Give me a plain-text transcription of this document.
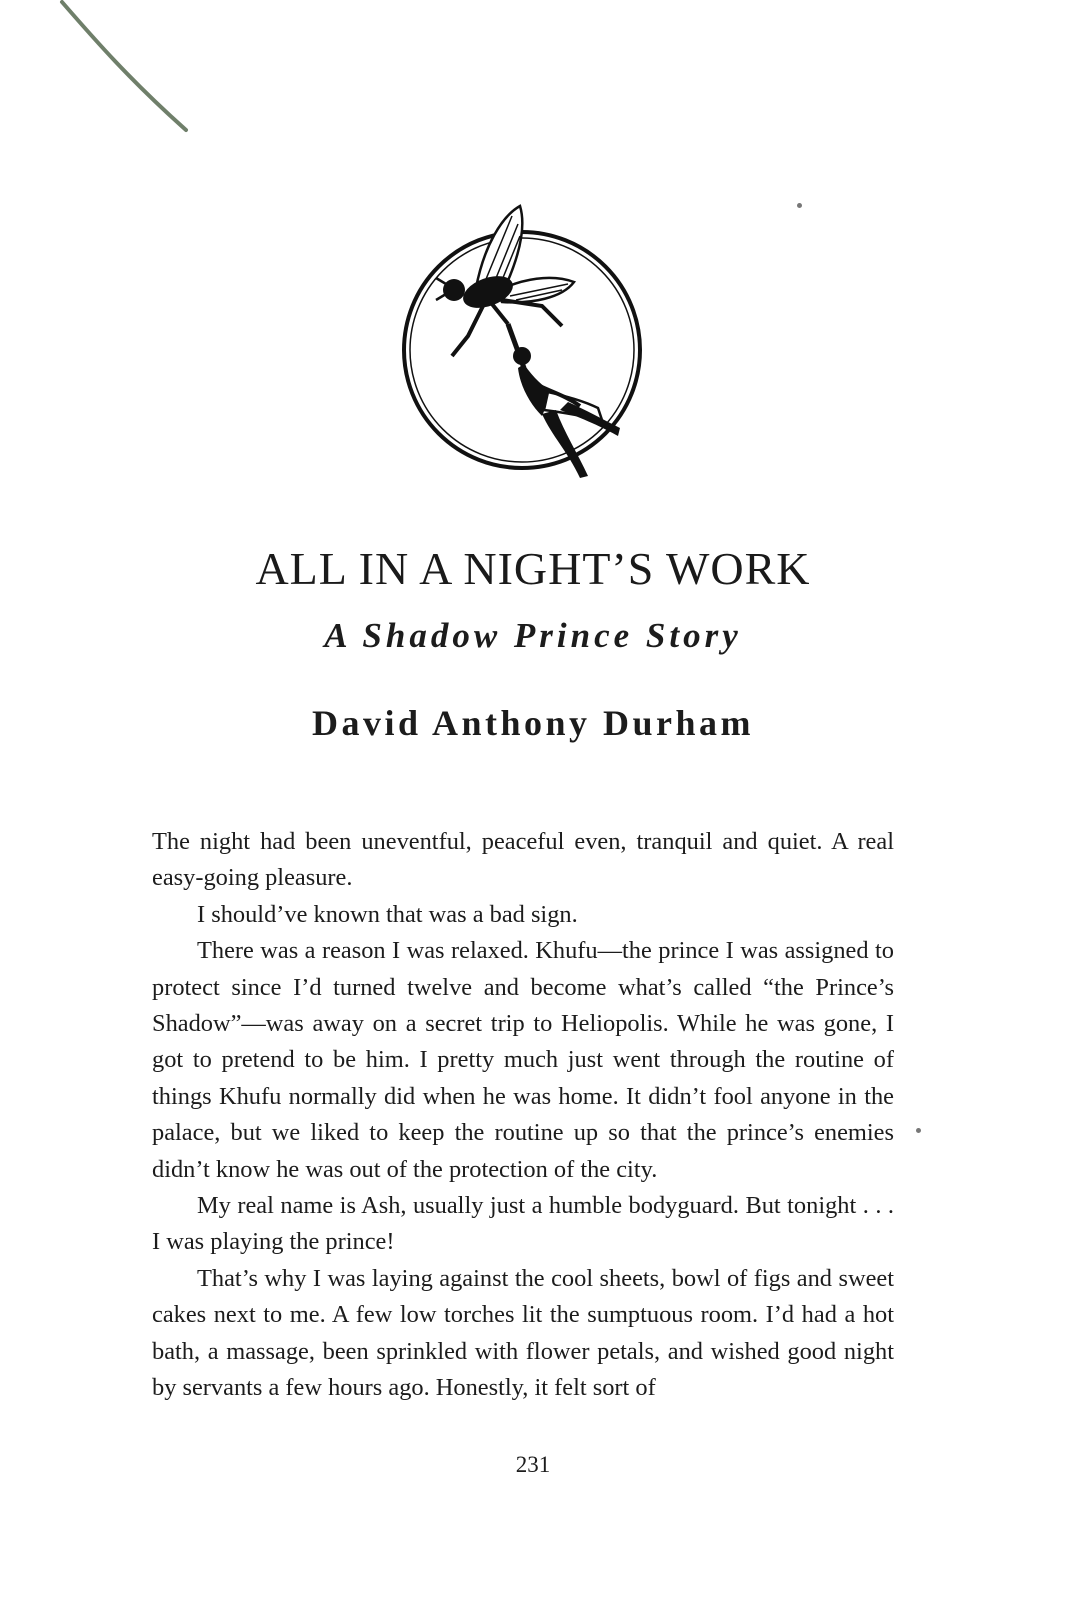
ALL IN A NIGHT’S WORK
A Shadow Prince Story
David Anthony Durham

The night had been uneventful, peaceful even, tranquil and quiet. A real easy-going pleasure.

I should’ve known that was a bad sign.

There was a reason I was relaxed. Khufu—the prince I was assigned to protect since I’d turned twelve and become what’s called “the Prince’s Shadow”—was away on a secret trip to Heliopolis. While he was gone, I got to pretend to be him. I pretty much just went through the routine of things Khufu normally did when he was home. It didn’t fool anyone in the palace, but we liked to keep the routine up so that the prince’s enemies didn’t know he was out of the protection of the city.

My real name is Ash, usually just a humble bodyguard. But tonight . . . I was playing the prince!

That’s why I was laying against the cool sheets, bowl of figs and sweet cakes next to me. A few low torches lit the sumptuous room. I’d had a hot bath, a massage, been sprinkled with flower petals, and wished good night by servants a few hours ago. Honestly, it felt sort of

231
